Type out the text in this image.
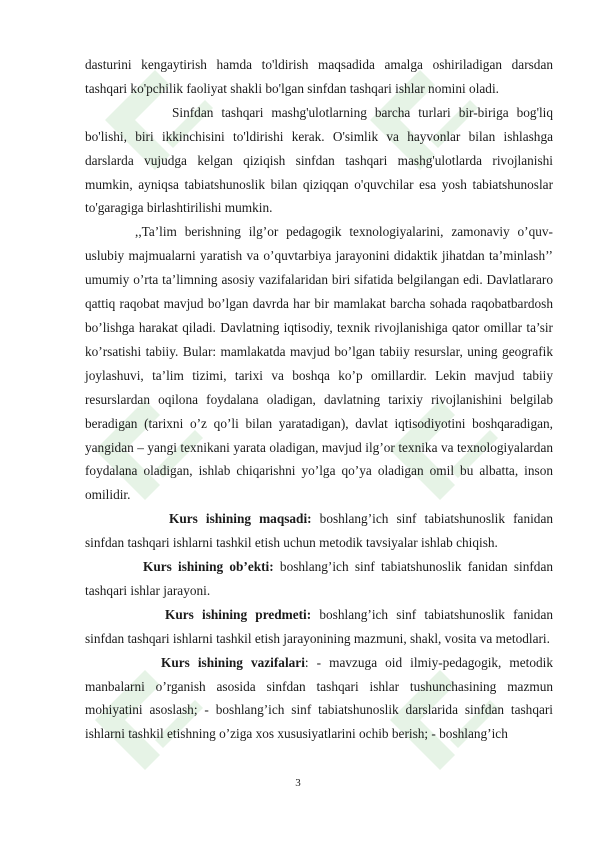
dasturini kengaytirish hamda to'ldirish maqsadida amalga oshiriladigan darsdan tashqari ko'pchilik faoliyat shakli bo'lgan sinfdan tashqari ishlar nomini oladi.

Sinfdan tashqari mashg'ulotlarning barcha turlari bir-biriga bog'liq bo'lishi, biri ikkinchisini to'ldirishi kerak. O'simlik va hayvonlar bilan ishlashga darslarda vujudga kelgan qiziqish sinfdan tashqari mashg'ulotlarda rivojlanishi mumkin, ayniqsa tabiatshunoslik bilan qiziqqan o'quvchilar esa yosh tabiatshunoslar to'garagiga birlashtirilishi mumkin.

,,Ta’lim berishning ilg’or pedagogik texnologiyalarini, zamonaviy o’quv-uslubiy majmualarni yaratish va o’quvtarbiya jarayonini didaktik jihatdan ta’minlash’’ umumiy o’rta ta’limning asosiy vazifalaridan biri sifatida belgilangan edi. Davlatlararo qattiq raqobat mavjud bo’lgan davrda har bir mamlakat barcha sohada raqobatbardosh bo’lishga harakat qiladi. Davlatning iqtisodiy, texnik rivojlanishiga qator omillar ta’sir ko’rsatishi tabiiy. Bular: mamlakatda mavjud bo’lgan tabiiy resurslar, uning geografik joylashuvi, ta’lim tizimi, tarixi va boshqa ko’p omillardir. Lekin mavjud tabiiy resurslardan oqilona foydalana oladigan, davlatning tarixiy rivojlanishini belgilab beradigan (tarixni o’z qo’li bilan yaratadigan), davlat iqtisodiyotini boshqaradigan, yangidan – yangi texnikani yarata oladigan, mavjud ilg’or texnika va texnologiyalardan foydalana oladigan, ishlab chiqarishni yo’lga qo’ya oladigan omil bu albatta, inson omilidir.

Kurs ishining maqsadi: boshlang’ich sinf tabiatshunoslik fanidan sinfdan tashqari ishlarni tashkil etish uchun metodik tavsiyalar ishlab chiqish.

Kurs ishining ob’ekti: boshlang’ich sinf tabiatshunoslik fanidan sinfdan tashqari ishlar jarayoni.

Kurs ishining predmeti: boshlang’ich sinf tabiatshunoslik fanidan sinfdan tashqari ishlarni tashkil etish jarayonining mazmuni, shakl, vosita va metodlari.

Kurs ishining vazifalari: - mavzuga oid ilmiy-pedagogik, metodik manbalarni o’rganish asosida sinfdan tashqari ishlar tushunchasining mazmun mohiyatini asoslash; - boshlang’ich sinf tabiatshunoslik darslarida sinfdan tashqari ishlarni tashkil etishning o’ziga xos xususiyatlarini ochib berish; - boshlang’ich

3
